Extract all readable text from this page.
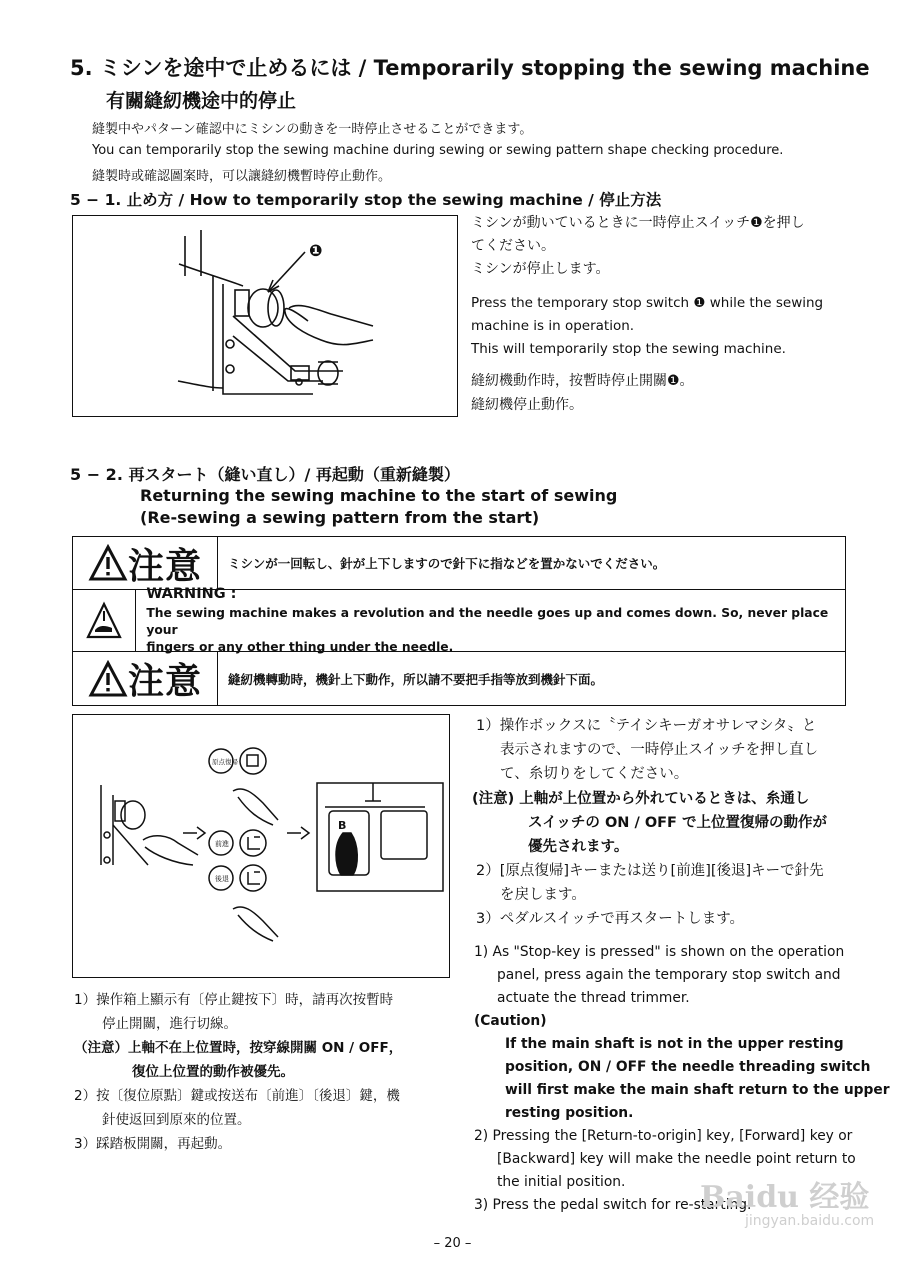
5. ミシンを途中で止めるには / Temporarily stopping the sewing machine
有關縫紉機途中的停止
縫製中やパターン確認中にミシンの動きを一時停止させることができます。
You can temporarily stop the sewing machine during sewing or sewing pattern shape checking procedure.
縫製時或確認圖案時，可以讓縫紉機暫時停止動作。
5 − 1. 止め方 / How to temporarily stop the sewing machine / 停止方法
❶
ミシンが動いているときに一時停止スイッチ❶を押し
てください。
ミシンが停止します。
Press the temporary stop switch ❶ while the sewing
machine is in operation.
This will temporarily stop the sewing machine.
縫紉機動作時，按暫時停止開關❶。
縫紉機停止動作。
5 − 2. 再スタート（縫い直し）/ 再起動（重新縫製）
Returning the sewing machine to the start of sewing
(Re-sewing a sewing pattern from the start)
注意	ミシンが一回転し、針が上下しますので針下に指などを置かないでください。
WARNING :
The sewing machine makes a revolution and the needle goes up and comes down. So, never place your
fingers or any other thing under the needle.
注意	縫紉機轉動時，機針上下動作，所以請不要把手指等放到機針下面。
原点復帰
前進
後退
B
1）操作箱上顯示有〔停止鍵按下〕時，請再次按暫時
停止開關，進行切線。
（注意）上軸不在上位置時，按穿線開關 ON / OFF，
復位上位置的動作被優先。
2）按〔復位原點〕鍵或按送布〔前進〕〔後退〕鍵，機
針使返回到原來的位置。
3）踩踏板開關，再起動。
1）操作ボックスに〝テイシキーガオサレマシタ〟と
表示されますので、一時停止スイッチを押し直し
て、糸切りをしてください。
(注意) 上軸が上位置から外れているときは、糸通し
スイッチの ON / OFF で上位置復帰の動作が
優先されます。
2）[原点復帰]キーまたは送り[前進][後退]キーで針先
を戻します。
3）ペダルスイッチで再スタートします。
1) As "Stop-key is pressed" is shown on the operation
panel, press again the temporary stop switch and
actuate the thread trimmer.
(Caution)
If the main shaft is not in the upper resting
position, ON / OFF the needle threading switch
will first make the main shaft return to the upper
resting position.
2) Pressing the [Return-to-origin] key, [Forward] key or
[Backward] key will make the needle point return to
the initial position.
3) Press the pedal switch for re-starting.
– 20 –
Baidu 经验
jingyan.baidu.com
